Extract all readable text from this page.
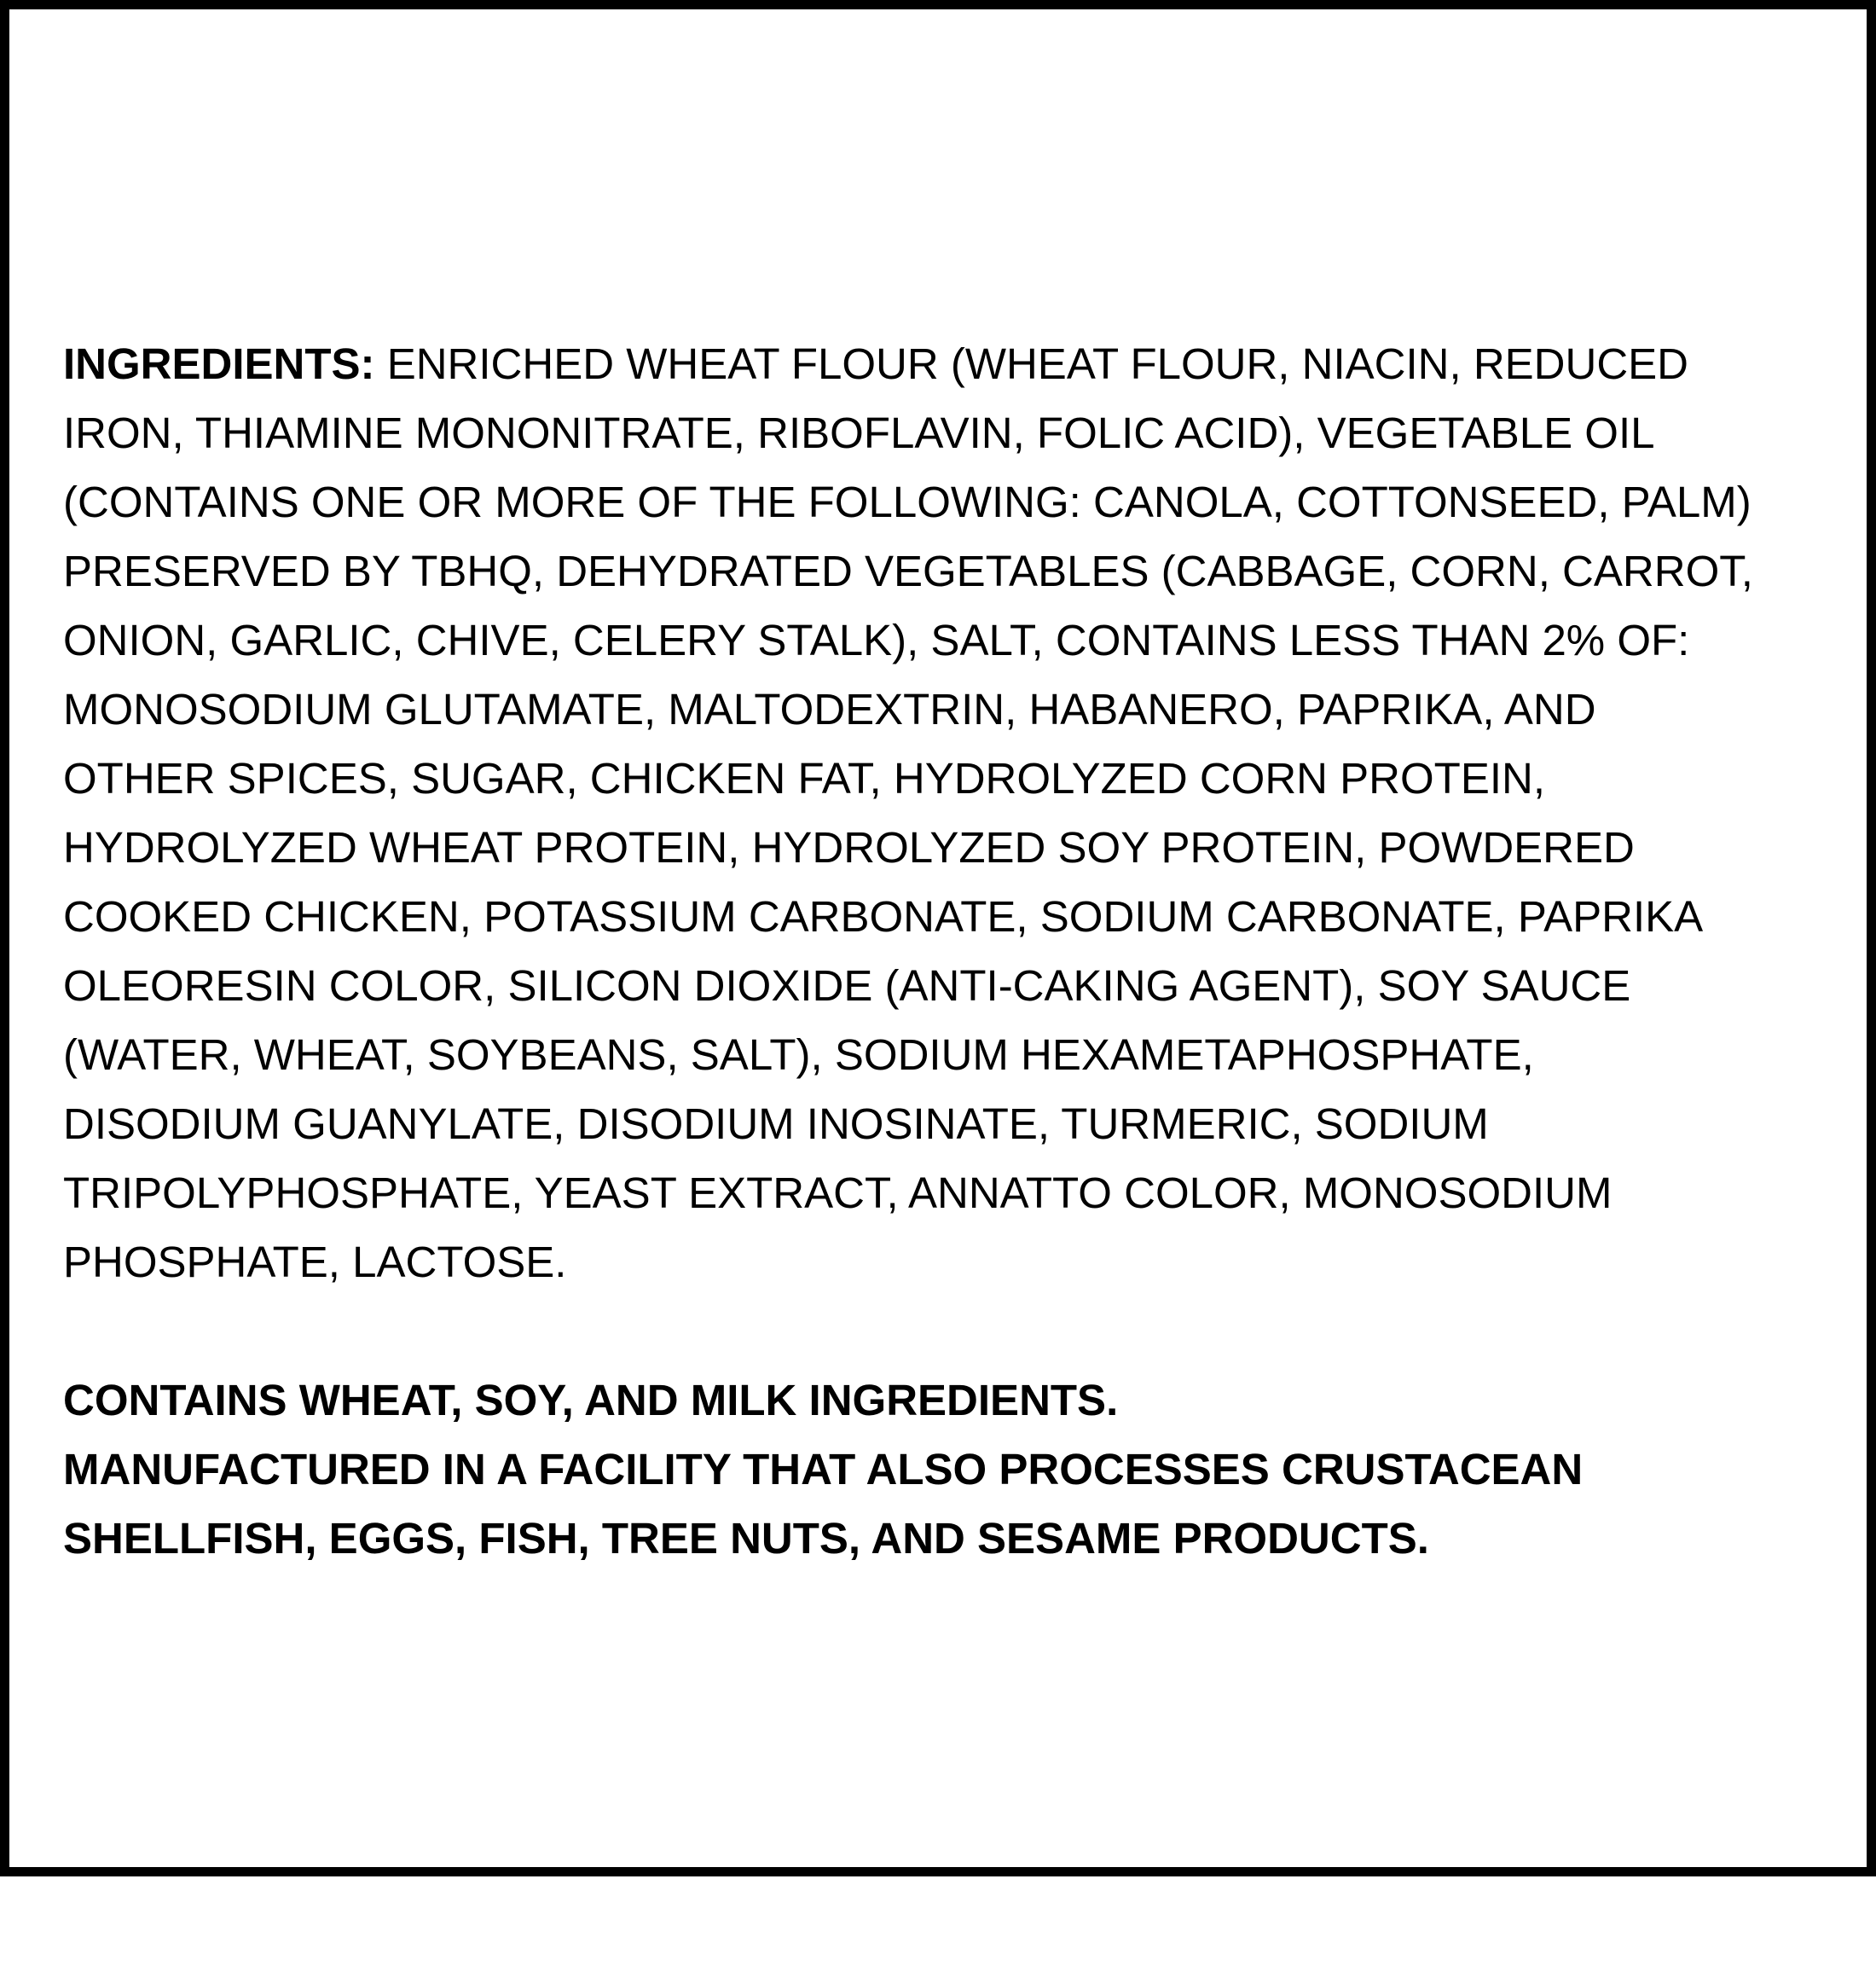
INGREDIENTS: ENRICHED WHEAT FLOUR (WHEAT FLOUR, NIACIN, REDUCED
IRON, THIAMINE MONONITRATE, RIBOFLAVIN, FOLIC ACID), VEGETABLE OIL
(CONTAINS ONE OR MORE OF THE FOLLOWING: CANOLA, COTTONSEED, PALM)
PRESERVED BY TBHQ, DEHYDRATED VEGETABLES (CABBAGE, CORN, CARROT,
ONION, GARLIC, CHIVE, CELERY STALK), SALT, CONTAINS LESS THAN 2% OF:
MONOSODIUM GLUTAMATE, MALTODEXTRIN, HABANERO, PAPRIKA, AND
OTHER SPICES, SUGAR, CHICKEN FAT, HYDROLYZED CORN PROTEIN,
HYDROLYZED WHEAT PROTEIN, HYDROLYZED SOY PROTEIN, POWDERED
COOKED CHICKEN, POTASSIUM CARBONATE, SODIUM CARBONATE, PAPRIKA
OLEORESIN COLOR, SILICON DIOXIDE (ANTI-CAKING AGENT), SOY SAUCE
(WATER, WHEAT, SOYBEANS, SALT), SODIUM HEXAMETAPHOSPHATE,
DISODIUM GUANYLATE, DISODIUM INOSINATE, TURMERIC, SODIUM
TRIPOLYPHOSPHATE, YEAST EXTRACT, ANNATTO COLOR, MONOSODIUM
PHOSPHATE, LACTOSE.
CONTAINS WHEAT, SOY, AND MILK INGREDIENTS.
MANUFACTURED IN A FACILITY THAT ALSO PROCESSES CRUSTACEAN
SHELLFISH, EGGS, FISH, TREE NUTS, AND SESAME PRODUCTS.
